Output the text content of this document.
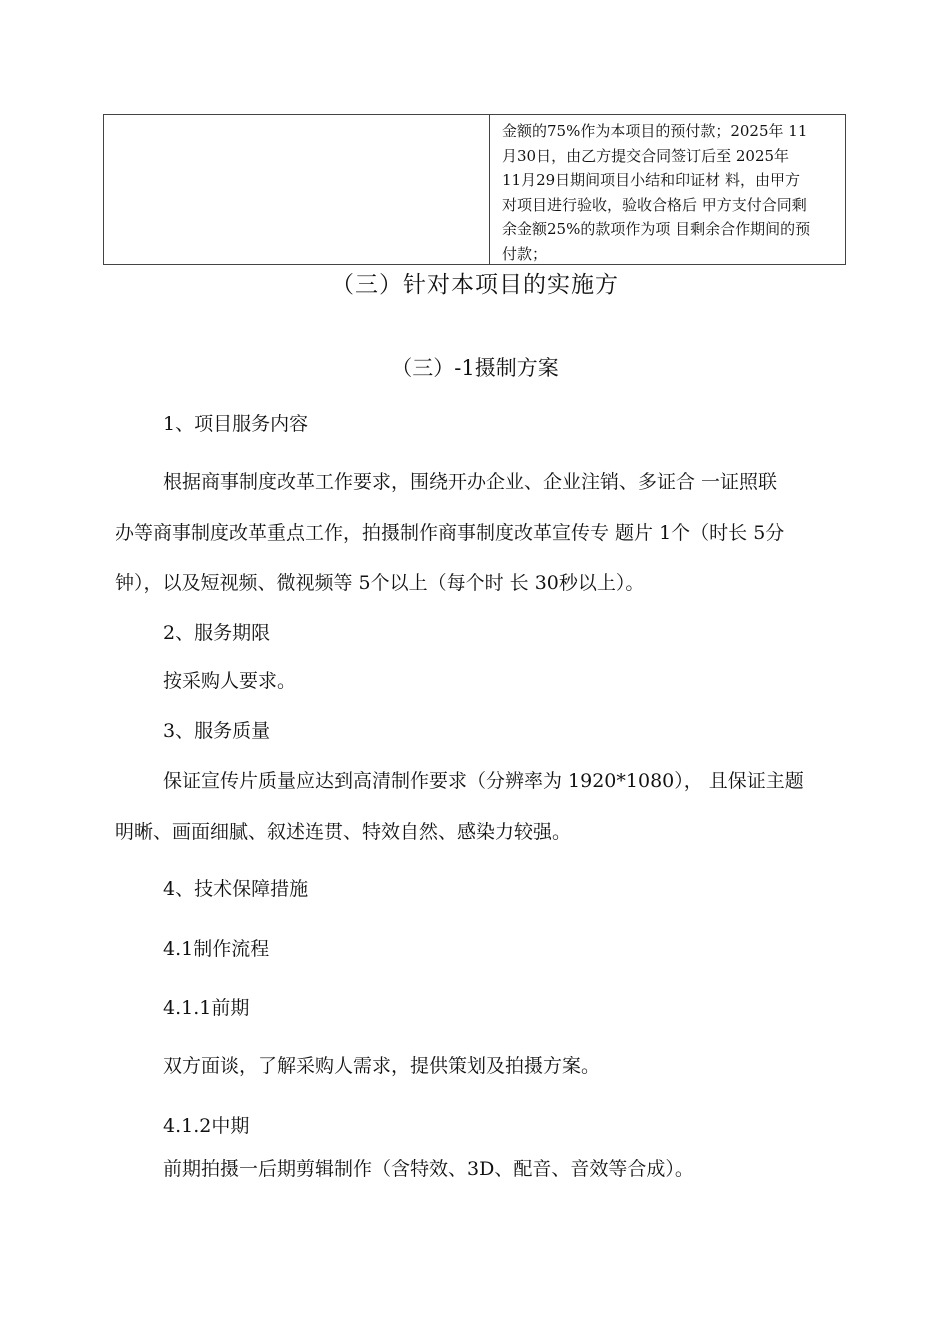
金额的75%作为本项目的预付款；2025年 11
月30日，由乙方提交合同签订后至 2025年
11月29日期间项目小结和印证材 料，由甲方
对项目进行验收，验收合格后 甲方支付合同剩
余金额25%的款项作为项 目剩余合作期间的预
付款；
（三）针对本项目的实施方
（三）-1摄制方案
1、项目服务内容
根据商事制度改革工作要求，围绕开办企业、企业注销、多证合 一证照联
办等商事制度改革重点工作，拍摄制作商事制度改革宣传专 题片 1个（时长 5分
钟），以及短视频、微视频等 5个以上（每个时 长 30秒以上）。
2、服务期限
按采购人要求。
3、服务质量
保证宣传片质量应达到高清制作要求（分辨率为 1920*1080）， 且保证主题
明晰、画面细腻、叙述连贯、特效自然、感染力较强。
4、技术保障措施
4.1制作流程
4.1.1前期
双方面谈，了解采购人需求，提供策划及拍摄方案。
4.1.2中期
前期拍摄一后期剪辑制作（含特效、3D、配音、音效等合成）。
